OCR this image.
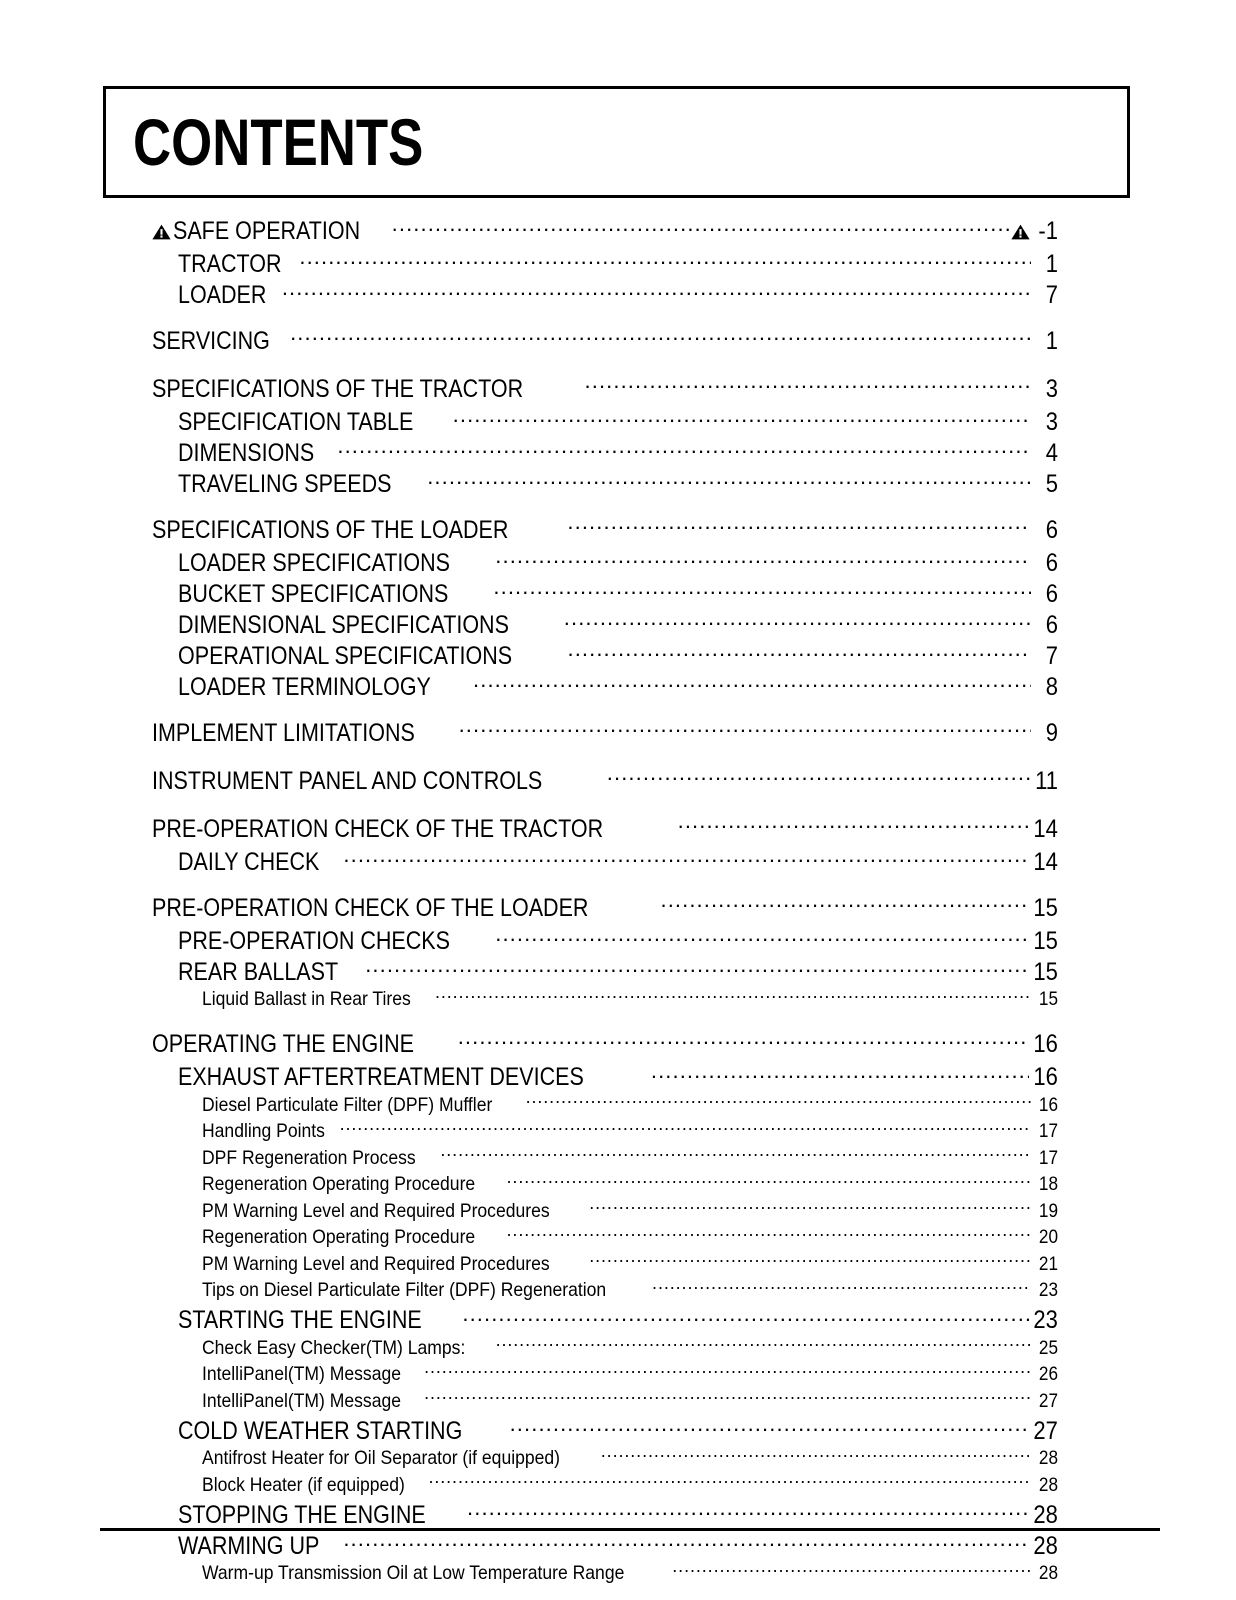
CONTENTS
SAFE OPERATION .....	-1
TRACTOR .....	1
LOADER .....	7
SERVICING .....	1
SPECIFICATIONS OF THE TRACTOR .....	3
SPECIFICATION TABLE .....	3
DIMENSIONS .....	4
TRAVELING SPEEDS .....	5
SPECIFICATIONS OF THE LOADER .....	6
LOADER SPECIFICATIONS .....	6
BUCKET SPECIFICATIONS .....	6
DIMENSIONAL SPECIFICATIONS .....	6
OPERATIONAL SPECIFICATIONS .....	7
LOADER TERMINOLOGY .....	8
IMPLEMENT LIMITATIONS .....	9
INSTRUMENT PANEL AND CONTROLS .....	11
PRE-OPERATION CHECK OF THE TRACTOR .....	14
DAILY CHECK .....	14
PRE-OPERATION CHECK OF THE LOADER .....	15
PRE-OPERATION CHECKS .....	15
REAR BALLAST .....	15
Liquid Ballast in Rear Tires .....	15
OPERATING THE ENGINE .....	16
EXHAUST AFTERTREATMENT DEVICES .....	16
Diesel Particulate Filter (DPF) Muffler .....	16
Handling Points .....	17
DPF Regeneration Process .....	17
Regeneration Operating Procedure .....	18
PM Warning Level and Required Procedures .....	19
Regeneration Operating Procedure .....	20
PM Warning Level and Required Procedures .....	21
Tips on Diesel Particulate Filter (DPF) Regeneration .....	23
STARTING THE ENGINE .....	23
Check Easy Checker(TM) Lamps: .....	25
IntelliPanel(TM) Message .....	26
IntelliPanel(TM) Message .....	27
COLD WEATHER STARTING .....	27
Antifrost Heater for Oil Separator (if equipped) .....	28
Block Heater (if equipped) .....	28
STOPPING THE ENGINE .....	28
WARMING UP .....	28
Warm-up Transmission Oil at Low Temperature Range .....	28
